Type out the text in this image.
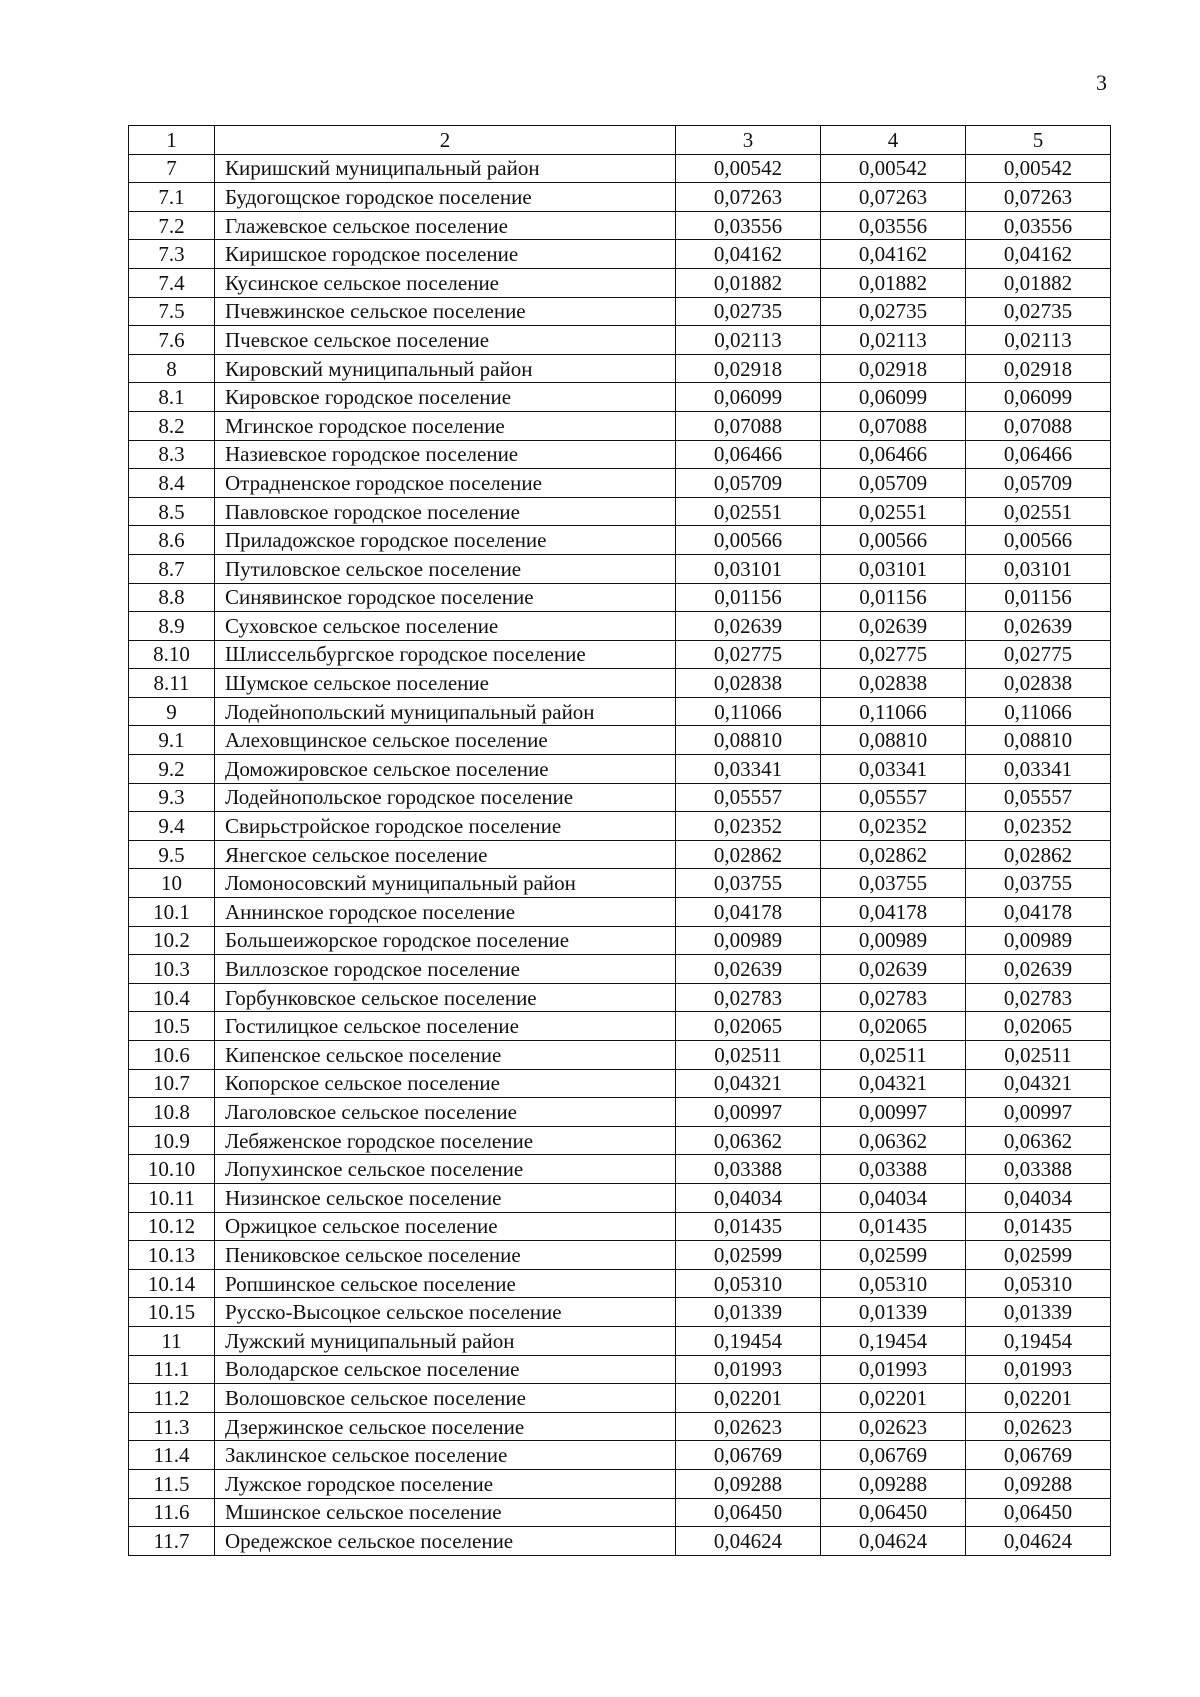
3
1	2	3	4	5
7	Киришский муниципальный район	0,00542	0,00542	0,00542
7.1	Будогощское городское поселение	0,07263	0,07263	0,07263
7.2	Глажевское сельское поселение	0,03556	0,03556	0,03556
7.3	Киришское городское поселение	0,04162	0,04162	0,04162
7.4	Кусинское сельское поселение	0,01882	0,01882	0,01882
7.5	Пчевжинское сельское поселение	0,02735	0,02735	0,02735
7.6	Пчевское сельское поселение	0,02113	0,02113	0,02113
8	Кировский муниципальный район	0,02918	0,02918	0,02918
8.1	Кировское городское поселение	0,06099	0,06099	0,06099
8.2	Мгинское городское поселение	0,07088	0,07088	0,07088
8.3	Назиевское городское поселение	0,06466	0,06466	0,06466
8.4	Отрадненское городское поселение	0,05709	0,05709	0,05709
8.5	Павловское городское поселение	0,02551	0,02551	0,02551
8.6	Приладожское городское поселение	0,00566	0,00566	0,00566
8.7	Путиловское сельское поселение	0,03101	0,03101	0,03101
8.8	Синявинское городское поселение	0,01156	0,01156	0,01156
8.9	Суховское сельское поселение	0,02639	0,02639	0,02639
8.10	Шлиссельбургское городское поселение	0,02775	0,02775	0,02775
8.11	Шумское сельское поселение	0,02838	0,02838	0,02838
9	Лодейнопольский муниципальный район	0,11066	0,11066	0,11066
9.1	Алеховщинское сельское поселение	0,08810	0,08810	0,08810
9.2	Доможировское сельское поселение	0,03341	0,03341	0,03341
9.3	Лодейнопольское городское поселение	0,05557	0,05557	0,05557
9.4	Свирьстройское городское поселение	0,02352	0,02352	0,02352
9.5	Янегское сельское поселение	0,02862	0,02862	0,02862
10	Ломоносовский муниципальный район	0,03755	0,03755	0,03755
10.1	Аннинское городское поселение	0,04178	0,04178	0,04178
10.2	Большеижорское городское поселение	0,00989	0,00989	0,00989
10.3	Виллозское городское поселение	0,02639	0,02639	0,02639
10.4	Горбунковское сельское поселение	0,02783	0,02783	0,02783
10.5	Гостилицкое сельское поселение	0,02065	0,02065	0,02065
10.6	Кипенское сельское поселение	0,02511	0,02511	0,02511
10.7	Копорское сельское поселение	0,04321	0,04321	0,04321
10.8	Лаголовское сельское поселение	0,00997	0,00997	0,00997
10.9	Лебяженское городское поселение	0,06362	0,06362	0,06362
10.10	Лопухинское сельское поселение	0,03388	0,03388	0,03388
10.11	Низинское сельское поселение	0,04034	0,04034	0,04034
10.12	Оржицкое сельское поселение	0,01435	0,01435	0,01435
10.13	Пениковское сельское поселение	0,02599	0,02599	0,02599
10.14	Ропшинское сельское поселение	0,05310	0,05310	0,05310
10.15	Русско-Высоцкое сельское поселение	0,01339	0,01339	0,01339
11	Лужский муниципальный район	0,19454	0,19454	0,19454
11.1	Володарское сельское поселение	0,01993	0,01993	0,01993
11.2	Волошовское сельское поселение	0,02201	0,02201	0,02201
11.3	Дзержинское сельское поселение	0,02623	0,02623	0,02623
11.4	Заклинское сельское поселение	0,06769	0,06769	0,06769
11.5	Лужское городское поселение	0,09288	0,09288	0,09288
11.6	Мшинское сельское поселение	0,06450	0,06450	0,06450
11.7	Оредежское сельское поселение	0,04624	0,04624	0,04624
